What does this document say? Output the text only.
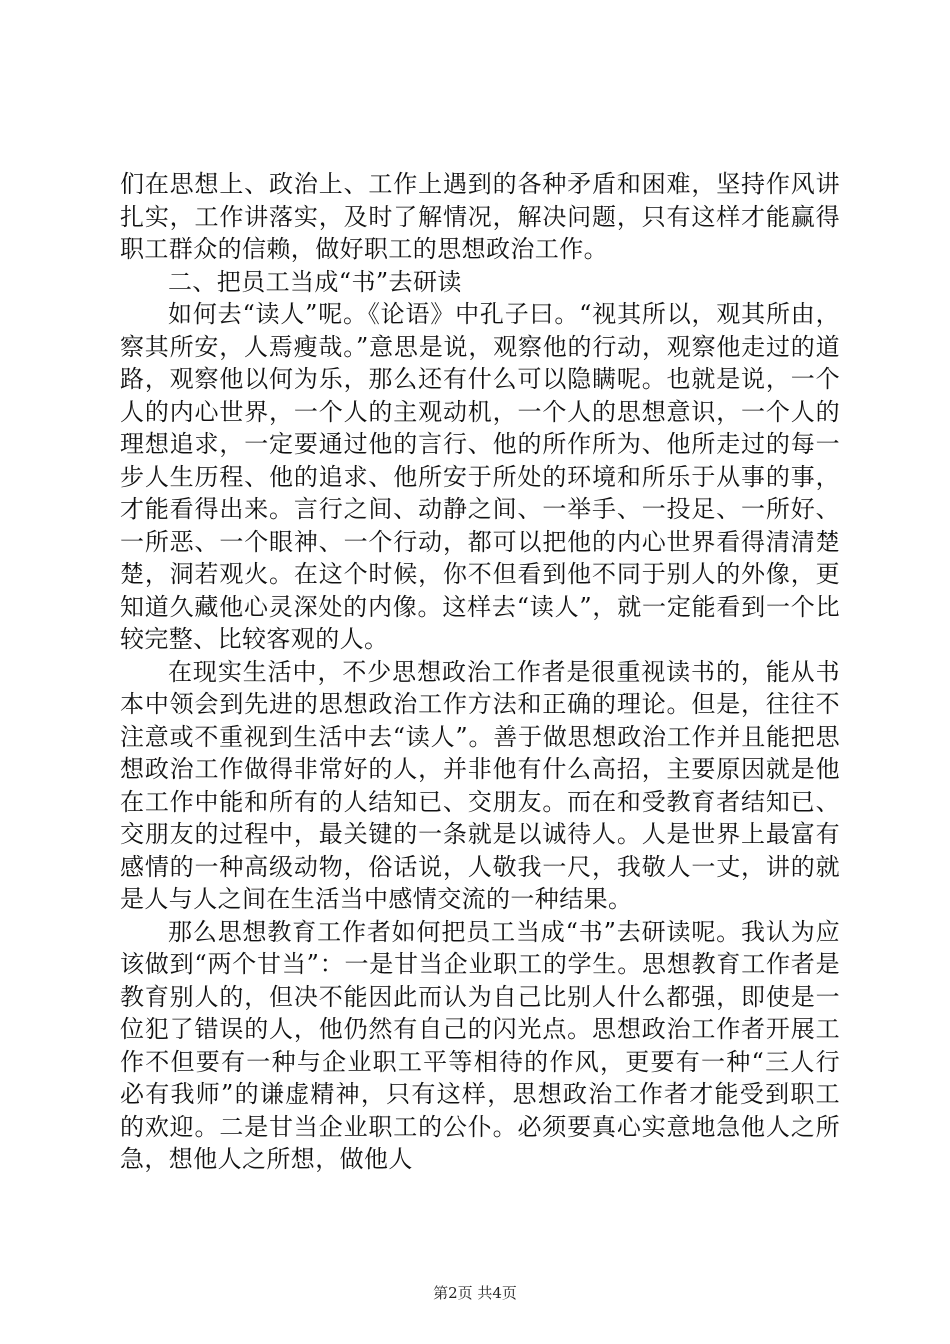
们在思想上、政治上、工作上遇到的各种矛盾和困难，坚持作风讲扎实，工作讲落实，及时了解情况，解决问题，只有这样才能赢得职工群众的信赖，做好职工的思想政治工作。

二、把员工当成“书”去研读

如何去“读人”呢。《论语》中孔子曰。“视其所以，观其所由，察其所安，人焉瘦哉。”意思是说，观察他的行动，观察他走过的道路，观察他以何为乐，那么还有什么可以隐瞒呢。也就是说，一个人的内心世界，一个人的主观动机，一个人的思想意识，一个人的理想追求，一定要通过他的言行、他的所作所为、他所走过的每一步人生历程、他的追求、他所安于所处的环境和所乐于从事的事，才能看得出来。言行之间、动静之间、一举手、一投足、一所好、一所恶、一个眼神、一个行动，都可以把他的内心世界看得清清楚楚，洞若观火。在这个时候，你不但看到他不同于别人的外像，更知道久藏他心灵深处的内像。这样去“读人”，就一定能看到一个比较完整、比较客观的人。

在现实生活中，不少思想政治工作者是很重视读书的，能从书本中领会到先进的思想政治工作方法和正确的理论。但是，往往不注意或不重视到生活中去“读人”。善于做思想政治工作并且能把思想政治工作做得非常好的人，并非他有什么高招，主要原因就是他在工作中能和所有的人结知已、交朋友。而在和受教育者结知已、交朋友的过程中，最关键的一条就是以诚待人。人是世界上最富有感情的一种高级动物，俗话说，人敬我一尺，我敬人一丈，讲的就是人与人之间在生活当中感情交流的一种结果。

那么思想教育工作者如何把员工当成“书”去研读呢。我认为应该做到“两个甘当”：一是甘当企业职工的学生。思想教育工作者是教育别人的，但决不能因此而认为自己比别人什么都强，即使是一位犯了错误的人，他仍然有自己的闪光点。思想政治工作者开展工作不但要有一种与企业职工平等相待的作风，更要有一种“三人行必有我师”的谦虚精神，只有这样，思想政治工作者才能受到职工的欢迎。二是甘当企业职工的公仆。必须要真心实意地急他人之所急，想他人之所想，做他人

第2页 共4页
